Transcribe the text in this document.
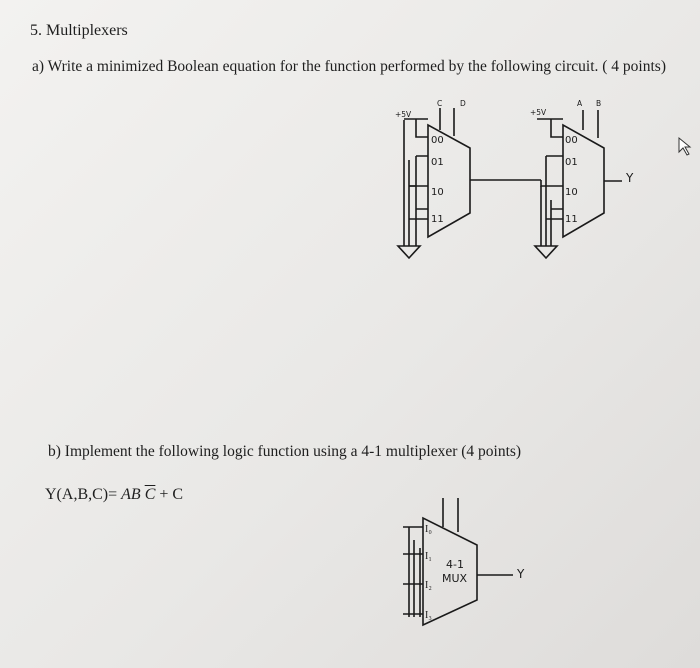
5. Multiplexers
a) Write a minimized Boolean equation for the function performed by the following circuit. ( 4 points)
b) Implement the following logic function using a 4-1 multiplexer (4 points)
Y(A,B,C)= AB $\overline{C} + C$
+5V
C D
00
01
10
11
+5V
A B
00
01
10
11
Y
I₀
I₁
I₂
I₃
4-1
MUX	Y
